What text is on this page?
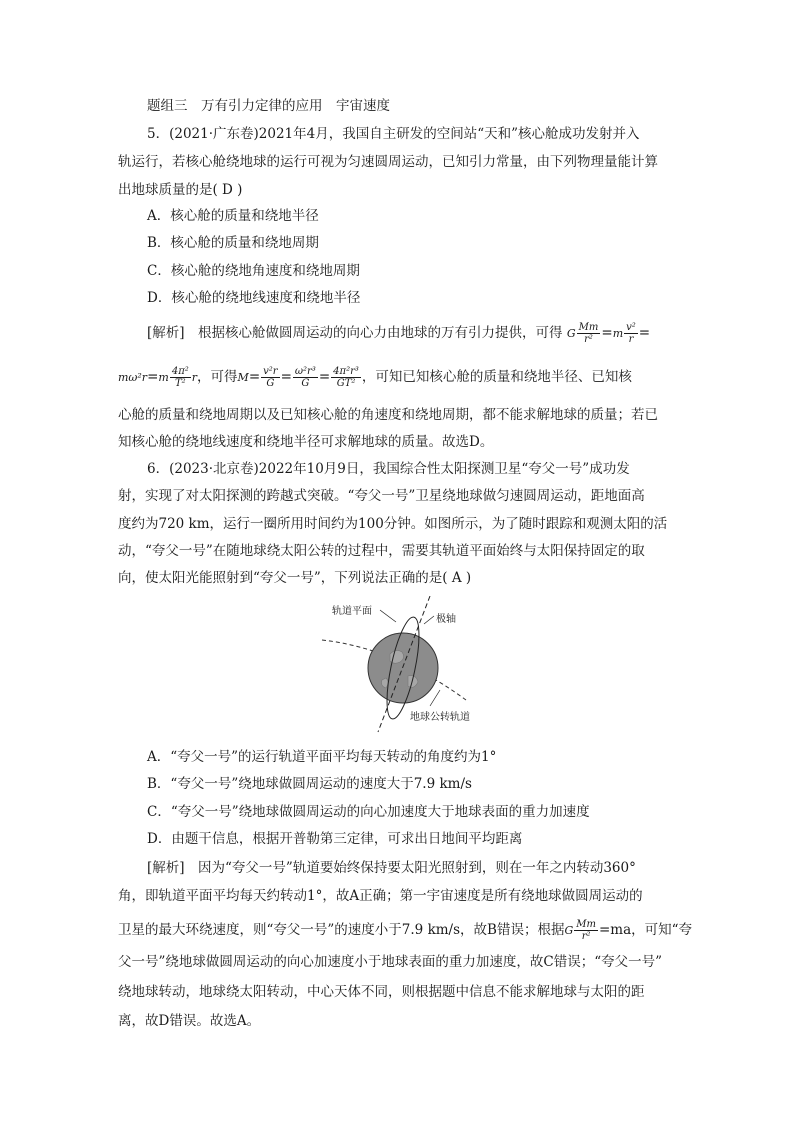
题组三　万有引力定律的应用　宇宙速度
5．(2021·广东卷)2021年4月，我国自主研发的空间站“天和”核心舱成功发射并入
轨运行，若核心舱绕地球的运行可视为匀速圆周运动，已知引力常量，由下列物理量能计算
出地球质量的是( D )
A．核心舱的质量和绕地半径
B．核心舱的质量和绕地周期
C．核心舱的绕地角速度和绕地周期
D．核心舱的绕地线速度和绕地半径
[解析]　根据核心舱做圆周运动的向心力由地球的万有引力提供，可得 G $\frac{Mm}{\text{r²}} =m \frac{\text{v²}}{r}$ =
$m\omega^2r=m \frac{\text{4π²}}{\text{T²}}$ r，可得$M= \frac{\text{v²r}}{G} = \frac{\text{ω²r³}}{G} = \frac{\text{4π²r³}}{\text{GT²}}$ ，可知已知核心舱的质量和绕地半径、已知核
心舱的质量和绕地周期以及已知核心舱的角速度和绕地周期，都不能求解地球的质量；若已
知核心舱的绕地线速度和绕地半径可求解地球的质量。故选D。
6．(2023·北京卷)2022年10月9日，我国综合性太阳探测卫星“夸父一号”成功发
射，实现了对太阳探测的跨越式突破。“夸父一号”卫星绕地球做匀速圆周运动，距地面高
度约为720 km，运行一圈所用时间约为100分钟。如图所示，为了随时跟踪和观测太阳的活
动，“夸父一号”在随地球绕太阳公转的过程中，需要其轨道平面始终与太阳保持固定的取
向，使太阳光能照射到“夸父一号”，下列说法正确的是( A )
轨道平面
极轴
地球公转轨道
A．“夸父一号”的运行轨道平面平均每天转动的角度约为1°
B．“夸父一号”绕地球做圆周运动的速度大于7.9 km/s
C．“夸父一号”绕地球做圆周运动的向心加速度大于地球表面的重力加速度
D．由题干信息，根据开普勒第三定律，可求出日地间平均距离
[解析]　因为“夸父一号”轨道要始终保持要太阳光照射到，则在一年之内转动360°
角，即轨道平面平均每天约转动1°，故A正确；第一宇宙速度是所有绕地球做圆周运动的
卫星的最大环绕速度，则“夸父一号”的速度小于7.9 km/s，故B错误；根据G $\frac{Mm}{\text{r²}} =ma$，可知“夸
父一号”绕地球做圆周运动的向心加速度小于地球表面的重力加速度，故C错误；“夸父一号”
绕地球转动，地球绕太阳转动，中心天体不同，则根据题中信息不能求解地球与太阳的距
离，故D错误。故选A。
